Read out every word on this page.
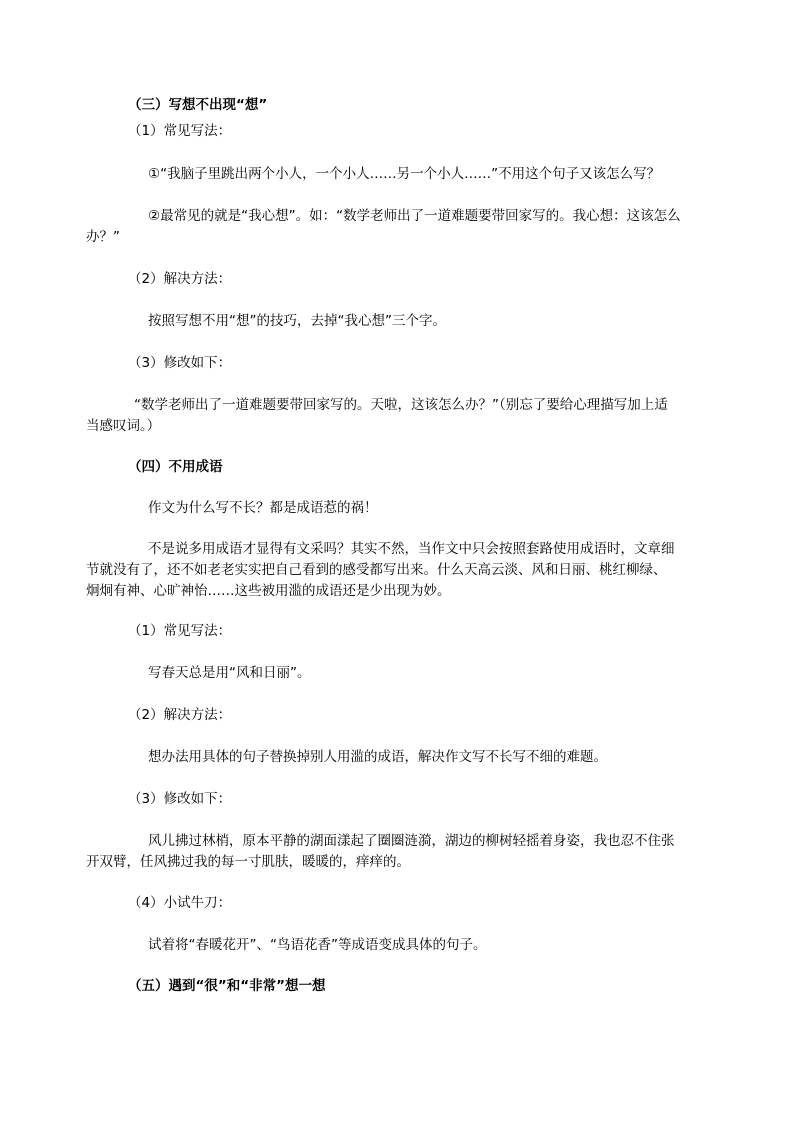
（三）写想不出现“想”
（1）常见写法：
①“我脑子里跳出两个小人，一个小人……另一个小人……”不用这个句子又该怎么写？
②最常见的就是“我心想”。如：“数学老师出了一道难题要带回家写的。我心想：这该怎么
办？”
（2）解决方法：
按照写想不用“想”的技巧，去掉“我心想”三个字。
（3）修改如下：
“数学老师出了一道难题要带回家写的。天啦，这该怎么办？”（别忘了要给心理描写加上适
当感叹词。）
（四）不用成语
作文为什么写不长？都是成语惹的祸！
不是说多用成语才显得有文采吗？其实不然，当作文中只会按照套路使用成语时，文章细
节就没有了，还不如老老实实把自己看到的感受都写出来。什么天高云淡、风和日丽、桃红柳绿、
炯炯有神、心旷神怡……这些被用滥的成语还是少出现为妙。
（1）常见写法：
写春天总是用“风和日丽”。
（2）解决方法：
想办法用具体的句子替换掉别人用滥的成语，解决作文写不长写不细的难题。
（3）修改如下：
风儿拂过林梢，原本平静的湖面漾起了圈圈涟漪，湖边的柳树轻摇着身姿，我也忍不住张
开双臂，任风拂过我的每一寸肌肤，暖暖的，痒痒的。
（4）小试牛刀：
试着将“春暖花开”、“鸟语花香”等成语变成具体的句子。
（五）遇到“很”和“非常”想一想
